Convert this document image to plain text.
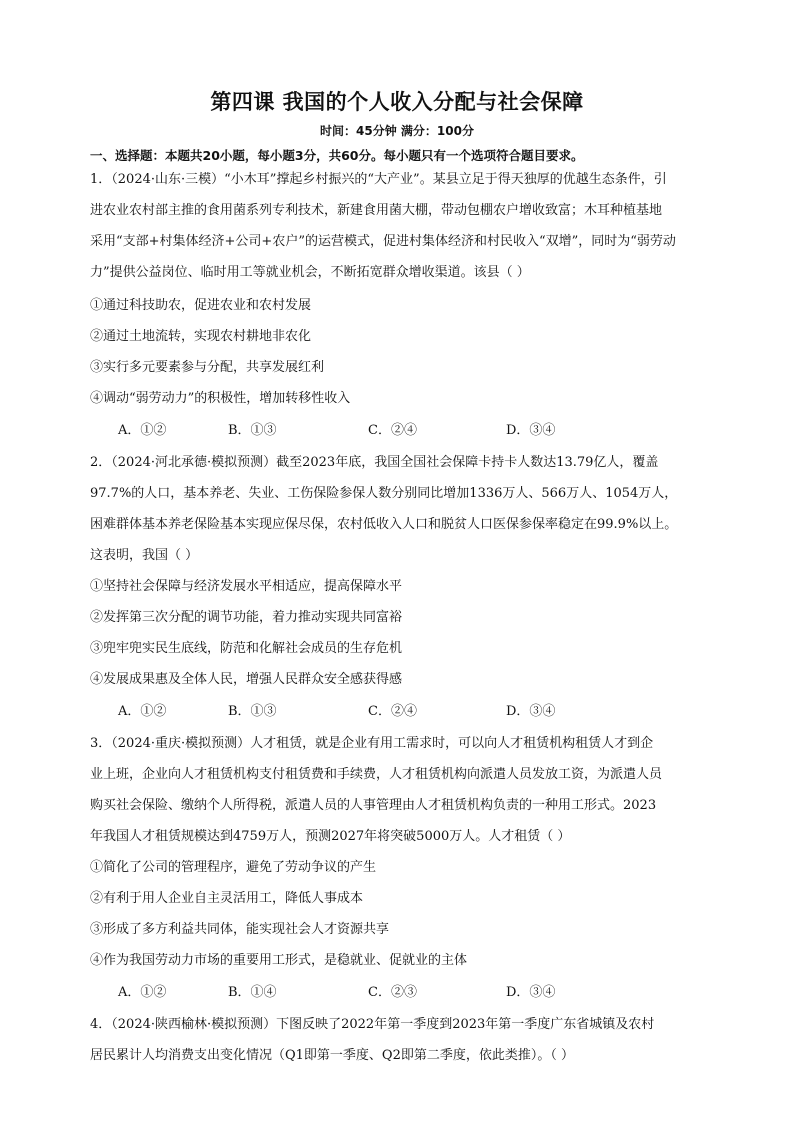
第四课 我国的个人收入分配与社会保障
时间：45分钟 满分：100分
一、选择题：本题共20小题，每小题3分，共60分。每小题只有一个选项符合题目要求。
1．（2024·山东·三模）“小木耳”撑起乡村振兴的“大产业”。某县立足于得天独厚的优越生态条件，引
进农业农村部主推的食用菌系列专利技术，新建食用菌大棚，带动包棚农户增收致富；木耳种植基地
采用“支部+村集体经济+公司+农户”的运营模式，促进村集体经济和村民收入“双增”，同时为“弱劳动
力”提供公益岗位、临时用工等就业机会，不断拓宽群众增收渠道。该县（ ）
①通过科技助农，促进农业和农村发展
②通过土地流转，实现农村耕地非农化
③实行多元要素参与分配，共享发展红利
④调动“弱劳动力”的积极性，增加转移性收入
A．①②	B．①③	C．②④	D．③④
2．（2024·河北承德·模拟预测）截至2023年底，我国全国社会保障卡持卡人数达13.79亿人，覆盖
97.7%的人口，基本养老、失业、工伤保险参保人数分别同比增加1336万人、566万人、1054万人，
困难群体基本养老保险基本实现应保尽保，农村低收入人口和脱贫人口医保参保率稳定在99.9%以上。
这表明，我国（ ）
①坚持社会保障与经济发展水平相适应，提高保障水平
②发挥第三次分配的调节功能，着力推动实现共同富裕
③兜牢兜实民生底线，防范和化解社会成员的生存危机
④发展成果惠及全体人民，增强人民群众安全感获得感
A．①②	B．①③	C．②④	D．③④
3．（2024·重庆·模拟预测）人才租赁，就是企业有用工需求时，可以向人才租赁机构租赁人才到企
业上班，企业向人才租赁机构支付租赁费和手续费，人才租赁机构向派遣人员发放工资，为派遣人员
购买社会保险、缴纳个人所得税，派遣人员的人事管理由人才租赁机构负责的一种用工形式。2023
年我国人才租赁规模达到4759万人，预测2027年将突破5000万人。人才租赁（ ）
①简化了公司的管理程序，避免了劳动争议的产生
②有利于用人企业自主灵活用工，降低人事成本
③形成了多方利益共同体，能实现社会人才资源共享
④作为我国劳动力市场的重要用工形式，是稳就业、促就业的主体
A．①②	B．①④	C．②③	D．③④
4．（2024·陕西榆林·模拟预测）下图反映了2022年第一季度到2023年第一季度广东省城镇及农村
居民累计人均消费支出变化情况（Q1即第一季度、Q2即第二季度，依此类推）。（ ）
